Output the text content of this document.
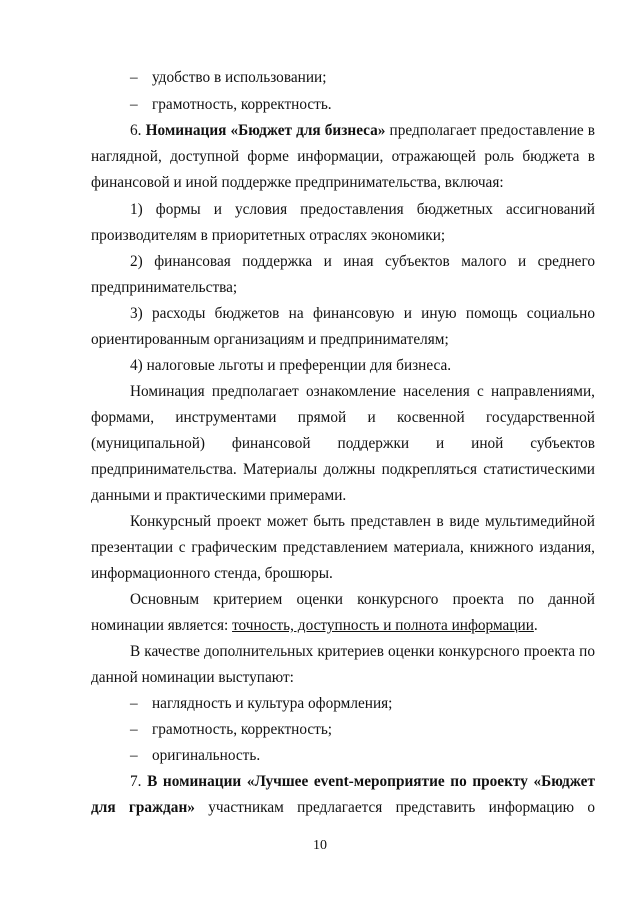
– удобство в использовании;
– грамотность, корректность.
6. Номинация «Бюджет для бизнеса» предполагает предоставление в
наглядной, доступной форме информации, отражающей роль бюджета в
финансовой и иной поддержке предпринимательства, включая:
1) формы и условия предоставления бюджетных ассигнований
производителям в приоритетных отраслях экономики;
2) финансовая поддержка и иная субъектов малого и среднего
предпринимательства;
3) расходы бюджетов на финансовую и иную помощь социально
ориентированным организациям и предпринимателям;
4) налоговые льготы и преференции для бизнеса.
Номинация предполагает ознакомление населения с направлениями,
формами, инструментами прямой и косвенной государственной
(муниципальной) финансовой поддержки и иной субъектов
предпринимательства. Материалы должны подкрепляться статистическими
данными и практическими примерами.
Конкурсный проект может быть представлен в виде мультимедийной
презентации с графическим представлением материала, книжного издания,
информационного стенда, брошюры.
Основным критерием оценки конкурсного проекта по данной
номинации является: точность, доступность и полнота информации.
В качестве дополнительных критериев оценки конкурсного проекта по
данной номинации выступают:
– наглядность и культура оформления;
– грамотность, корректность;
– оригинальность.
7. В номинации «Лучшее event-мероприятие по проекту «Бюджет
для граждан» участникам предлагается представить информацию о
10
